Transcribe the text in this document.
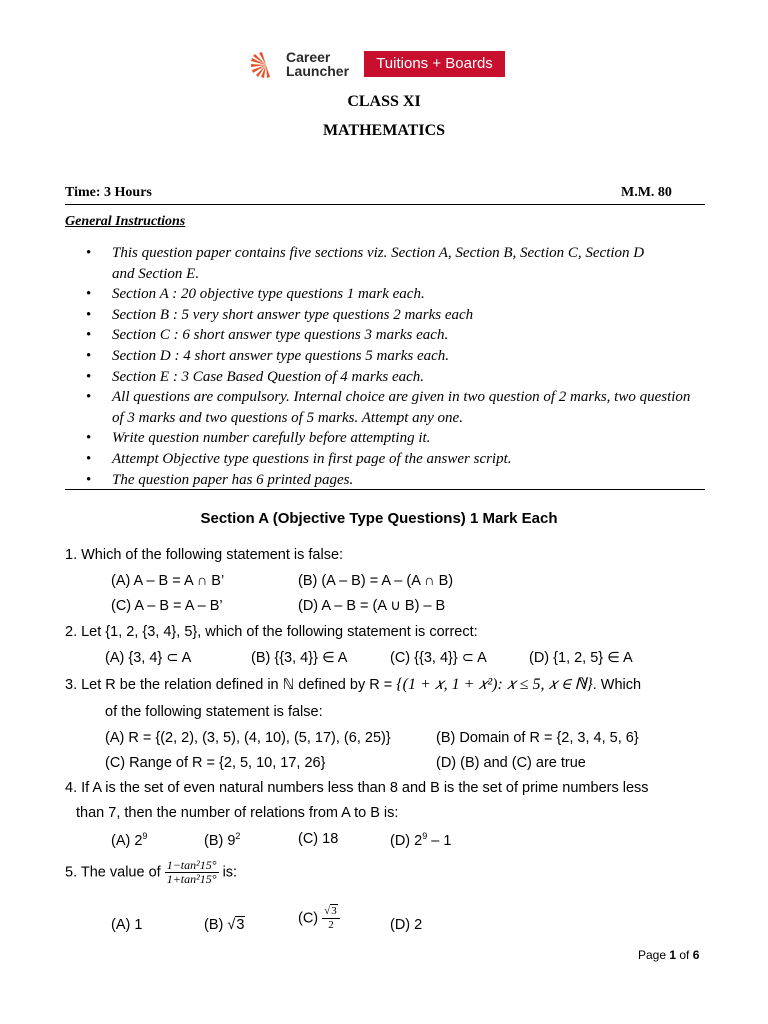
Career
Launcher	Tuitions + Boards
CLASS XI
MATHEMATICS
Time: 3 Hours	M.M. 80
General Instructions
• This question paper contains five sections viz. Section A, Section B, Section C, Section D and Section E.
• Section A : 20 objective type questions 1 mark each.
• Section B : 5 very short answer type questions 2 marks each
• Section C : 6 short answer type questions 3 marks each.
• Section D : 4 short answer type questions 5 marks each.
• Section E : 3 Case Based Question of 4 marks each.
• All questions are compulsory. Internal choice are given in two question of 2 marks, two question of 3 marks and two questions of 5 marks. Attempt any one.
• Write question number carefully before attempting it.
• Attempt Objective type questions in first page of the answer script.
• The question paper has 6 printed pages.
Section A (Objective Type Questions) 1 Mark Each
1. Which of the following statement is false:
(A) A – B = A ∩ B’	(B) (A – B) = A – (A ∩ B)
(C) A – B = A – B’	(D) A – B = (A ∪ B) – B
2. Let {1, 2, {3, 4}, 5}, which of the following statement is correct:
(A) {3, 4} ⊂ A	(B) {{3, 4}} ∈ A	(C) {{3, 4}} ⊂ A	(D) {1, 2, 5} ∈ A
3. Let R be the relation defined in ℕ defined by R = {(1 + 𝑥, 1 + 𝑥²): 𝑥 ≤ 5, 𝑥 ∈ ℕ}. Which
of the following statement is false:
(A) R = {(2, 2), (3, 5), (4, 10), (5, 17), (6, 25)}	(B) Domain of R = {2, 3, 4, 5, 6}
(C) Range of R = {2, 5, 10, 17, 26}	(D) (B) and (C) are true
4. If A is the set of even natural numbers less than 8 and B is the set of prime numbers less
than 7, then the number of relations from A to B is:
(A) $2^9$	(B) $9^2$	(C) 18	(D) $2^9 - 1$
5. The value of $\frac{\text{1−tan²15°}}{\text{1+tan²15°}}$ is:
(A) 1	(B) √3	$(C) \frac{√3}{2}$	(D) 2
Page 1 of 6
